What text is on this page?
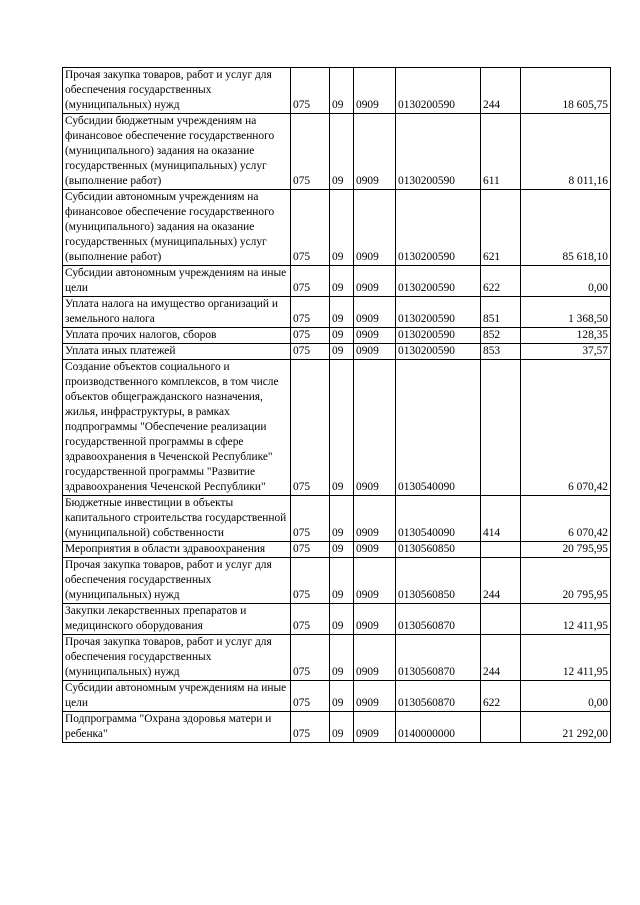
Прочая закупка товаров, работ и услуг для обеспечения государственных (муниципальных) нужд	075	09	0909	0130200590	244	18 605,75
Субсидии бюджетным учреждениям на финансовое обеспечение государственного (муниципального) задания на оказание государственных (муниципальных) услуг (выполнение работ)	075	09	0909	0130200590	611	8 011,16
Субсидии автономным учреждениям на финансовое обеспечение государственного (муниципального) задания на оказание государственных (муниципальных) услуг (выполнение работ)	075	09	0909	0130200590	621	85 618,10
Субсидии автономным учреждениям на иные цели	075	09	0909	0130200590	622	0,00
Уплата налога на имущество организаций и земельного налога	075	09	0909	0130200590	851	1 368,50
Уплата прочих налогов, сборов	075	09	0909	0130200590	852	128,35
Уплата иных платежей	075	09	0909	0130200590	853	37,57
Создание объектов социального и производственного комплексов, в том числе объектов общегражданского назначения, жилья, инфраструктуры, в рамках подпрограммы "Обеспечение реализации государственной программы в сфере здравоохранения в Чеченской Республике" государственной программы "Развитие здравоохранения Чеченской Республики"	075	09	0909	0130540090		6 070,42
Бюджетные инвестиции в объекты капитального строительства государственной (муниципальной) собственности	075	09	0909	0130540090	414	6 070,42
Мероприятия в области здравоохранения	075	09	0909	0130560850		20 795,95
Прочая закупка товаров, работ и услуг для обеспечения государственных (муниципальных) нужд	075	09	0909	0130560850	244	20 795,95
Закупки лекарственных препаратов и медицинского оборудования	075	09	0909	0130560870		12 411,95
Прочая закупка товаров, работ и услуг для обеспечения государственных (муниципальных) нужд	075	09	0909	0130560870	244	12 411,95
Субсидии автономным учреждениям на иные цели	075	09	0909	0130560870	622	0,00
Подпрограмма "Охрана здоровья матери и ребенка"	075	09	0909	0140000000		21 292,00
